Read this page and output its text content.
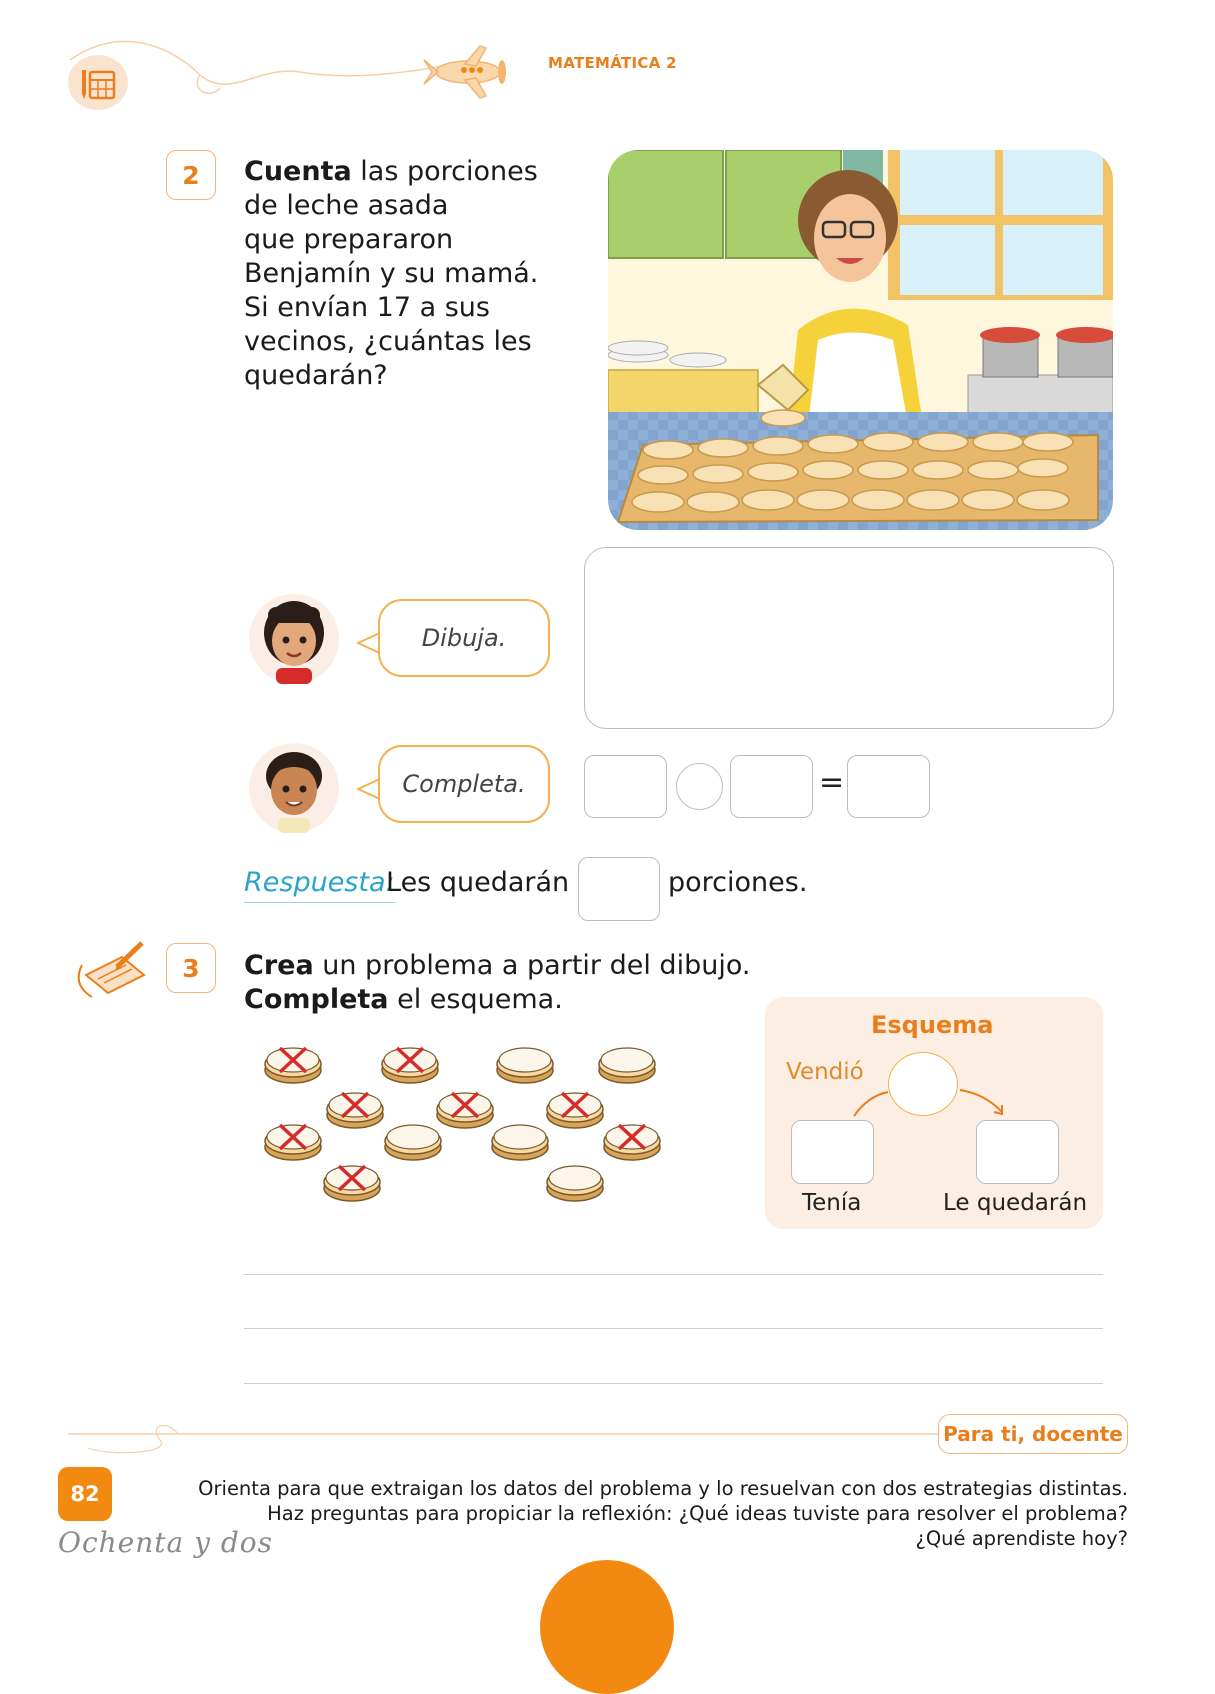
MATEMÁTICA 2
2	Cuenta las porciones
de leche asada
que prepararon
Benjamín y su mamá.
Si envían 17 a sus
vecinos, ¿cuántas les
quedarán?
Dibuja.
Completa.	=
Respuesta:
Les quedarán	porciones.
3	Crea un problema a partir del dibujo.
Completa el esquema.
Esquema
Vendió
Tenía	Le quedarán
Para ti, docente
82
Ochenta y dos
Orienta para que extraigan los datos del problema y lo resuelvan con dos estrategias distintas.
Haz preguntas para propiciar la reflexión: ¿Qué ideas tuviste para resolver el problema?
¿Qué aprendiste hoy?
